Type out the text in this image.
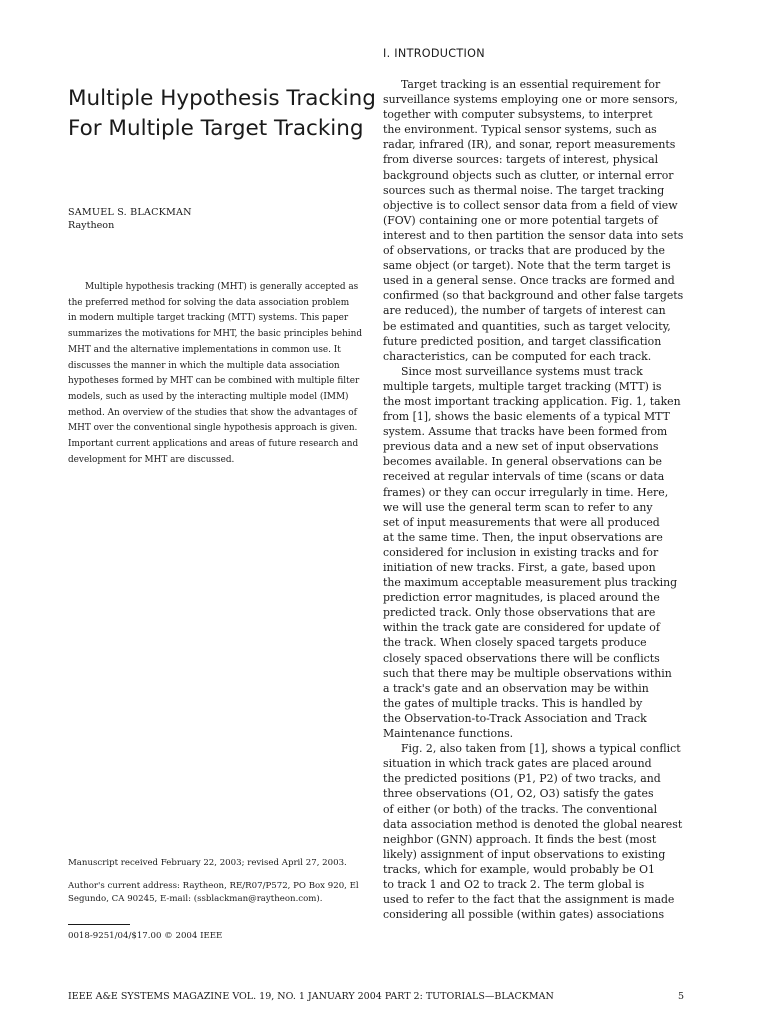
Multiple Hypothesis Tracking
For Multiple Target Tracking
SAMUEL S. BLACKMAN
Raytheon
Multiple hypothesis tracking (MHT) is generally accepted as
the preferred method for solving the data association problem
in modern multiple target tracking (MTT) systems. This paper
summarizes the motivations for MHT, the basic principles behind
MHT and the alternative implementations in common use. It
discusses the manner in which the multiple data association
hypotheses formed by MHT can be combined with multiple filter
models, such as used by the interacting multiple model (IMM)
method. An overview of the studies that show the advantages of
MHT over the conventional single hypothesis approach is given.
Important current applications and areas of future research and
development for MHT are discussed.
Manuscript received February 22, 2003; revised April 27, 2003.
Author's current address: Raytheon, RE/R07/P572, PO Box 920, El
Segundo, CA 90245, E-mail: (ssblackman@raytheon.com).
0018-9251/04/$17.00 © 2004 IEEE
I. INTRODUCTION
Target tracking is an essential requirement for
surveillance systems employing one or more sensors,
together with computer subsystems, to interpret
the environment. Typical sensor systems, such as
radar, infrared (IR), and sonar, report measurements
from diverse sources: targets of interest, physical
background objects such as clutter, or internal error
sources such as thermal noise. The target tracking
objective is to collect sensor data from a field of view
(FOV) containing one or more potential targets of
interest and to then partition the sensor data into sets
of observations, or tracks that are produced by the
same object (or target). Note that the term target is
used in a general sense. Once tracks are formed and
confirmed (so that background and other false targets
are reduced), the number of targets of interest can
be estimated and quantities, such as target velocity,
future predicted position, and target classification
characteristics, can be computed for each track.
Since most surveillance systems must track
multiple targets, multiple target tracking (MTT) is
the most important tracking application. Fig. 1, taken
from [1], shows the basic elements of a typical MTT
system. Assume that tracks have been formed from
previous data and a new set of input observations
becomes available. In general observations can be
received at regular intervals of time (scans or data
frames) or they can occur irregularly in time. Here,
we will use the general term scan to refer to any
set of input measurements that were all produced
at the same time. Then, the input observations are
considered for inclusion in existing tracks and for
initiation of new tracks. First, a gate, based upon
the maximum acceptable measurement plus tracking
prediction error magnitudes, is placed around the
predicted track. Only those observations that are
within the track gate are considered for update of
the track. When closely spaced targets produce
closely spaced observations there will be conflicts
such that there may be multiple observations within
a track's gate and an observation may be within
the gates of multiple tracks. This is handled by
the Observation-to-Track Association and Track
Maintenance functions.
Fig. 2, also taken from [1], shows a typical conflict
situation in which track gates are placed around
the predicted positions (P1, P2) of two tracks, and
three observations (O1, O2, O3) satisfy the gates
of either (or both) of the tracks. The conventional
data association method is denoted the global nearest
neighbor (GNN) approach. It finds the best (most
likely) assignment of input observations to existing
tracks, which for example, would probably be O1
to track 1 and O2 to track 2. The term global is
used to refer to the fact that the assignment is made
considering all possible (within gates) associations
IEEE A&E SYSTEMS MAGAZINE VOL. 19, NO. 1 JANUARY 2004 PART 2: TUTORIALS—BLACKMAN	5
